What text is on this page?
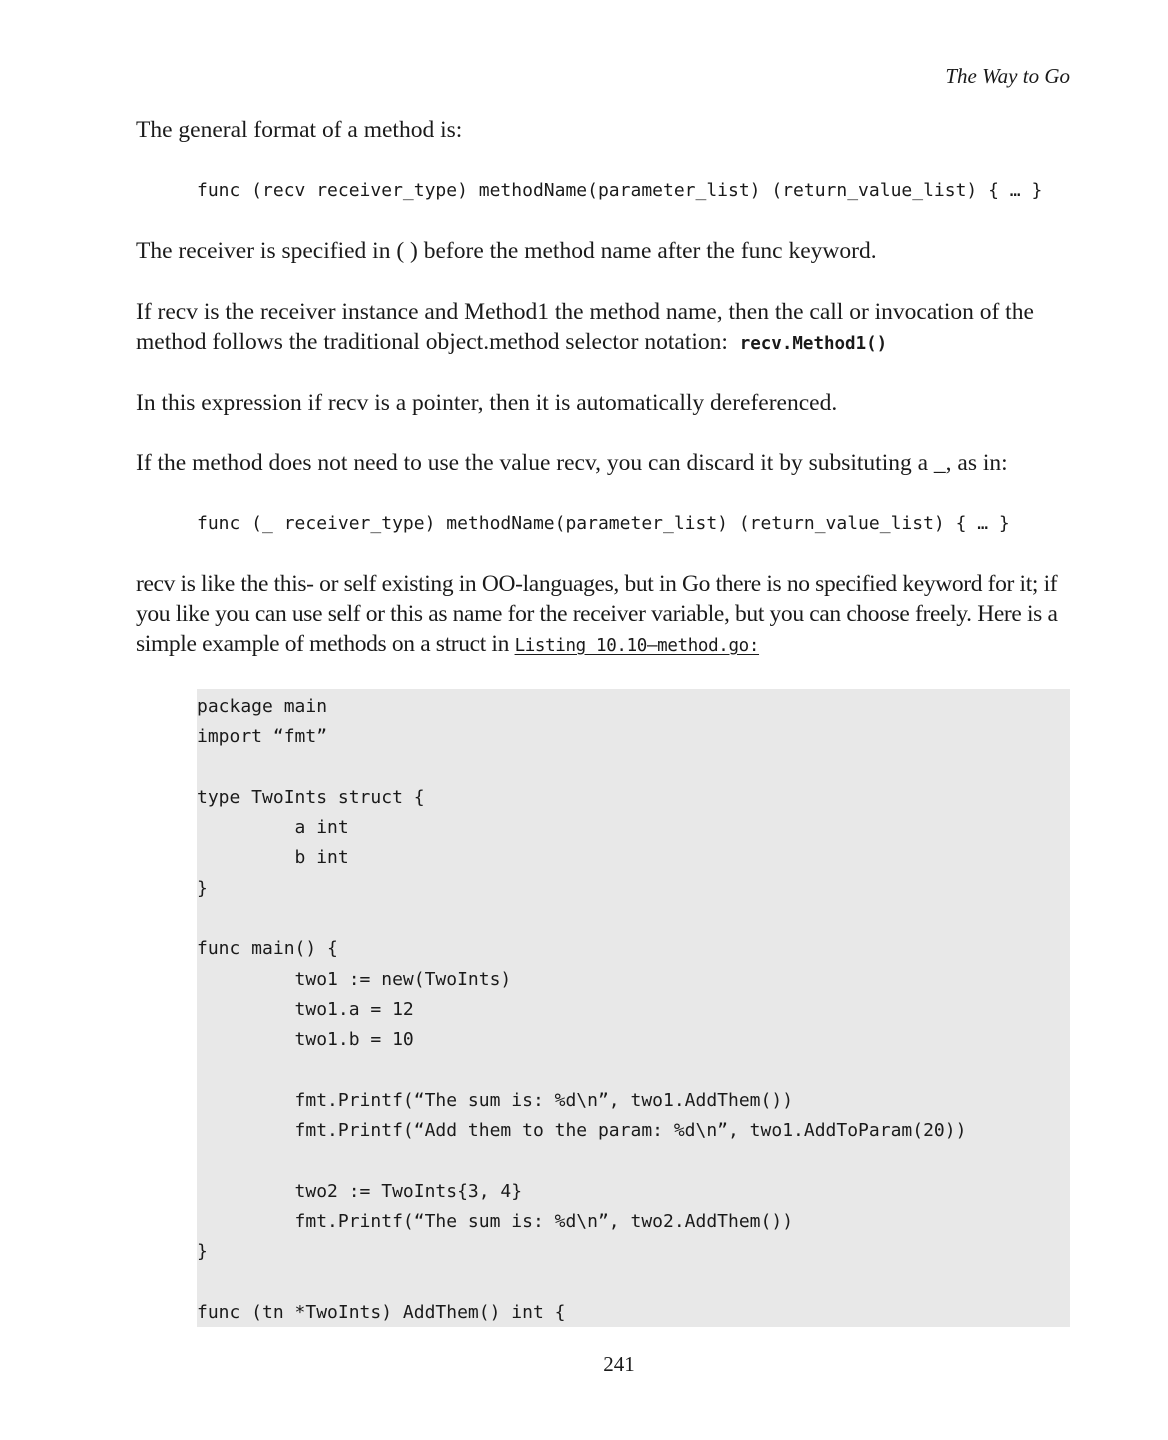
The Way to Go

The general format of a method is:

func (recv receiver_type) methodName(parameter_list) (return_value_list) { … }

The receiver is specified in ( ) before the method name after the func keyword.

If recv is the receiver instance and Method1 the method name, then the call or invocation of the method follows the traditional object.method selector notation: recv.Method1()

In this expression if recv is a pointer, then it is automatically dereferenced.

If the method does not need to use the value recv, you can discard it by subsituting a _, as in:

func (_ receiver_type) methodName(parameter_list) (return_value_list) { … }

recv is like the this- or self existing in OO-languages, but in Go there is no specified keyword for it; if you like you can use self or this as name for the receiver variable, but you can choose freely. Here is a simple example of methods on a struct in Listing 10.10—method.go:

package main
import “fmt”

type TwoInts struct {
a int
b int
}

func main() {
two1 := new(TwoInts)
two1.a = 12
two1.b = 10

fmt.Printf(“The sum is: %d\n”, two1.AddThem())
fmt.Printf(“Add them to the param: %d\n”, two1.AddToParam(20))

two2 := TwoInts{3, 4}
fmt.Printf(“The sum is: %d\n”, two2.AddThem())
}

func (tn *TwoInts) AddThem() int {
241
